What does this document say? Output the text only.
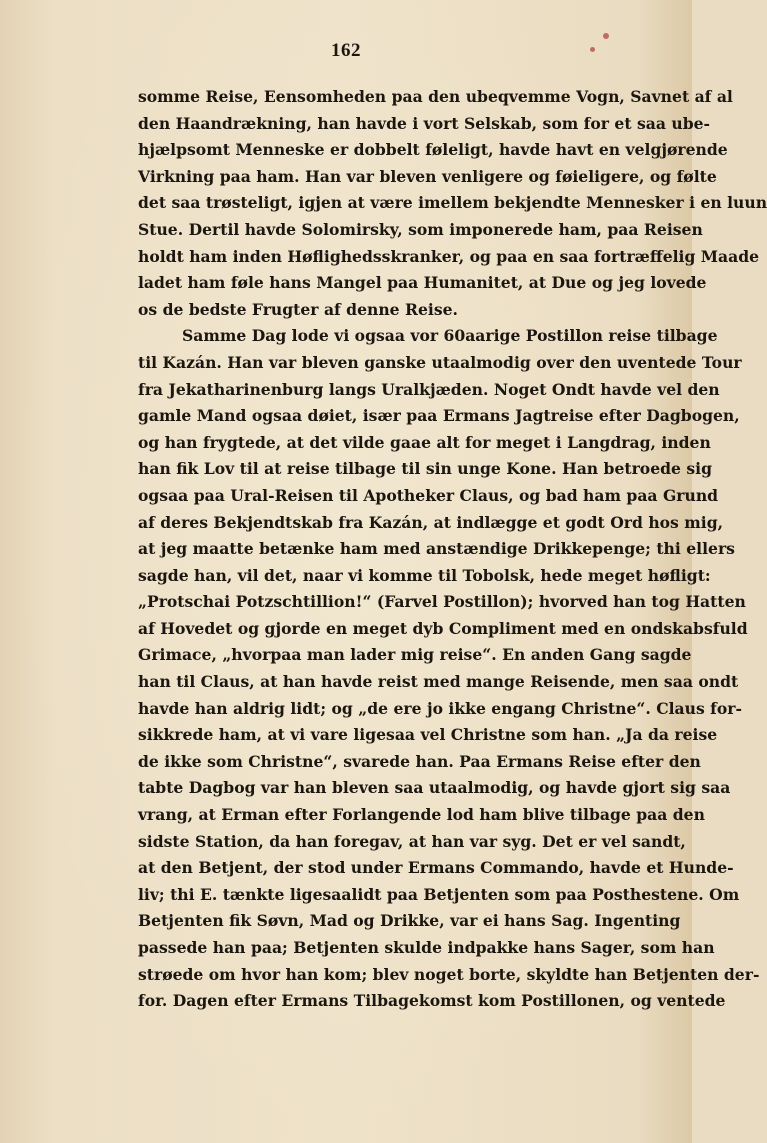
162
somme Reise, Eensomheden paa den ubeqvemme Vogn, Savnet af al
den Haandrækning, han havde i vort Selskab, som for et saa ube-
hjælpsomt Menneske er dobbelt føleligt, havde havt en velgjørende
Virkning paa ham. Han var bleven venligere og føieligere, og følte
det saa trøsteligt, igjen at være imellem bekjendte Mennesker i en luun
Stue. Dertil havde Solomirsky, som imponerede ham, paa Reisen
holdt ham inden Høflighedsskranker, og paa en saa fortræffelig Maade
ladet ham føle hans Mangel paa Humanitet, at Due og jeg lovede
os de bedste Frugter af denne Reise.
Samme Dag lode vi ogsaa vor 60aarige Postillon reise tilbage
til Kazán. Han var bleven ganske utaalmodig over den uventede Tour
fra Jekatharinenburg langs Uralkjæden. Noget Ondt havde vel den
gamle Mand ogsaa døiet, især paa Ermans Jagtreise efter Dagbogen,
og han frygtede, at det vilde gaae alt for meget i Langdrag, inden
han fik Lov til at reise tilbage til sin unge Kone. Han betroede sig
ogsaa paa Ural-Reisen til Apotheker Claus, og bad ham paa Grund
af deres Bekjendtskab fra Kazán, at indlægge et godt Ord hos mig,
at jeg maatte betænke ham med anstændige Drikkepenge; thi ellers
sagde han, vil det, naar vi komme til Tobolsk, hede meget høfligt:
„Protschai Potzschtillion!“ (Farvel Postillon); hvorved han tog Hatten
af Hovedet og gjorde en meget dyb Compliment med en ondskabsfuld
Grimace, „hvorpaa man lader mig reise“. En anden Gang sagde
han til Claus, at han havde reist med mange Reisende, men saa ondt
havde han aldrig lidt; og „de ere jo ikke engang Christne“. Claus for-
sikkrede ham, at vi vare ligesaa vel Christne som han. „Ja da reise
de ikke som Christne“, svarede han. Paa Ermans Reise efter den
tabte Dagbog var han bleven saa utaalmodig, og havde gjort sig saa
vrang, at Erman efter Forlangende lod ham blive tilbage paa den
sidste Station, da han foregav, at han var syg. Det er vel sandt,
at den Betjent, der stod under Ermans Commando, havde et Hunde-
liv; thi E. tænkte ligesaalidt paa Betjenten som paa Posthestene. Om
Betjenten fik Søvn, Mad og Drikke, var ei hans Sag. Ingenting
passede han paa; Betjenten skulde indpakke hans Sager, som han
strøede om hvor han kom; blev noget borte, skyldte han Betjenten der-
for. Dagen efter Ermans Tilbagekomst kom Postillonen, og ventede
